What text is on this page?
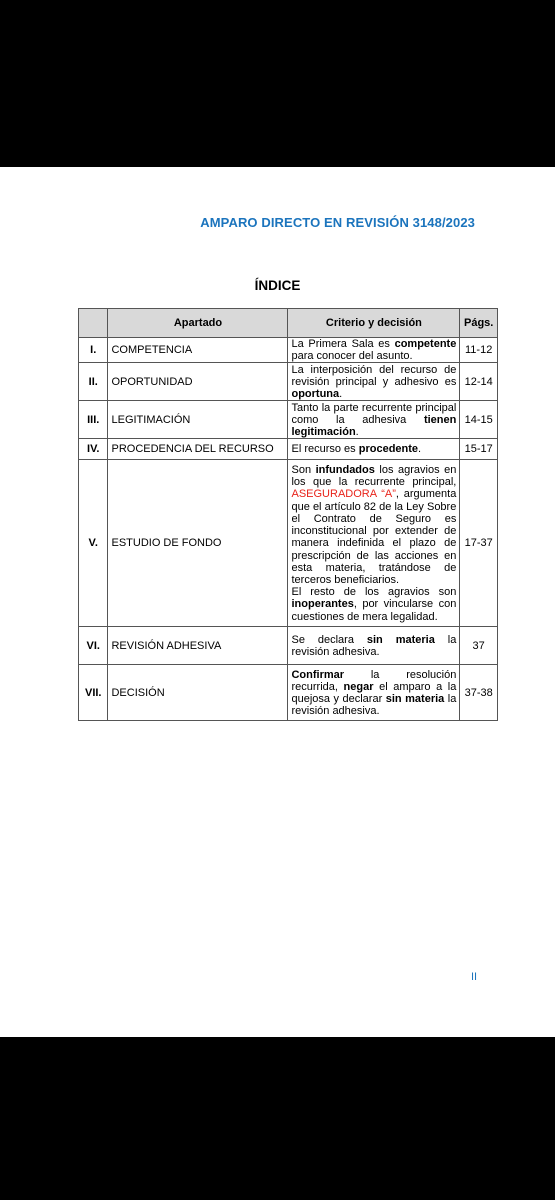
AMPARO DIRECTO EN REVISIÓN 3148/2023
ÍNDICE
	Apartado	Criterio y decisión	Págs.
I.	COMPETENCIA	La Primera Sala es competente para conocer del asunto.	11-12
II.	OPORTUNIDAD	La interposición del recurso de revisión principal y adhesivo es oportuna.	12-14
III.	LEGITIMACIÓN	Tanto la parte recurrente principal como la adhesiva tienen legitimación.	14-15
IV.	PROCEDENCIA DEL RECURSO	El recurso es procedente.	15-17
V.	ESTUDIO DE FONDO	Son infundados los agravios en los que la recurrente principal, ASEGURADORA “A”, argumenta que el artículo 82 de la Ley Sobre el Contrato de Seguro es inconstitucional por extender de manera indefinida el plazo de prescripción de las acciones en esta materia, tratándose de terceros beneficiarios.
El resto de los agravios son inoperantes, por vincularse con cuestiones de mera legalidad.	17-37
VI.	REVISIÓN ADHESIVA	Se declara sin materia la revisión adhesiva.	37
VII.	DECISIÓN	Confirmar la resolución recurrida, negar el amparo a la quejosa y declarar sin materia la revisión adhesiva.	37-38
II
